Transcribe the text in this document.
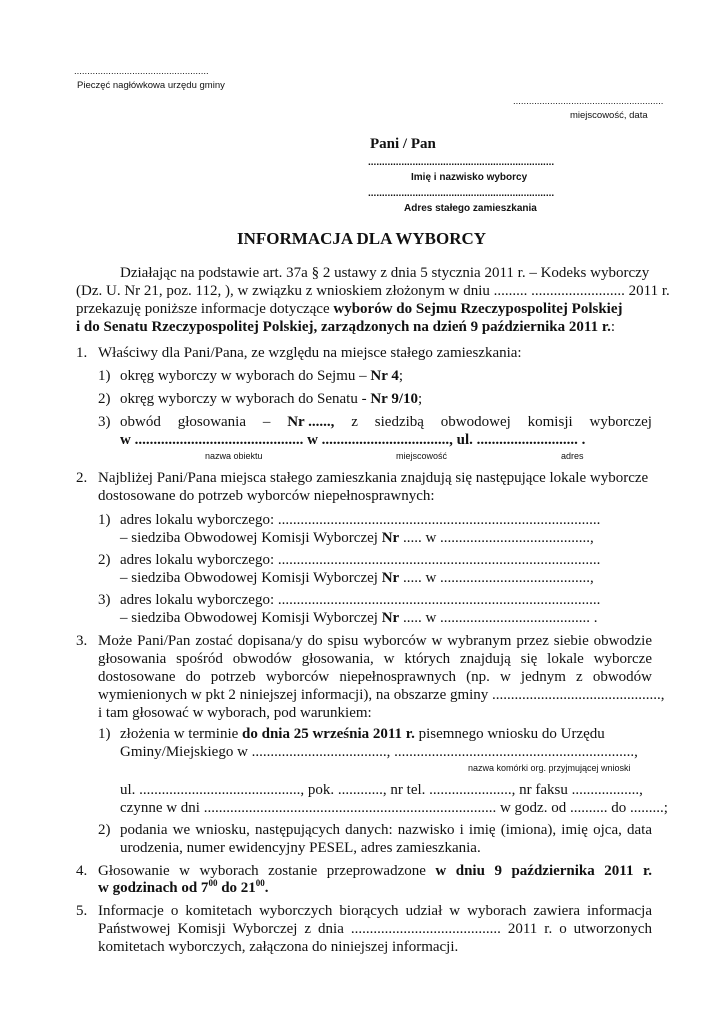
...................................................
Pieczęć nagłówkowa urzędu gminy
.........................................................
miejscowość, data
Pani / Pan
...................................................................
Imię i nazwisko wyborcy
...................................................................
Adres stałego zamieszkania
INFORMACJA DLA WYBORCY
Działając na podstawie art. 37a § 2 ustawy z dnia 5 stycznia 2011 r. – Kodeks wyborczy
(Dz. U. Nr 21, poz. 112, ), w związku z wnioskiem złożonym w dniu ......... ......................... 2011 r.
przekazuję poniższe informacje dotyczące wyborów do Sejmu Rzeczypospolitej Polskiej
i do Senatu Rzeczypospolitej Polskiej, zarządzonych na dzień 9 października 2011 r.:
1. Właściwy dla Pani/Pana, ze względu na miejsce stałego zamieszkania:
1) okręg wyborczy w wyborach do Sejmu – Nr 4;
2) okręg wyborczy w wyborach do Senatu - Nr 9/10;
3) obwód głosowania – Nr ......, z siedzibą obwodowej komisji wyborczej
w ............................................. w .................................., ul. ........................... .
nazwa obiektu	miejscowość	adres
2. Najbliżej Pani/Pana miejsca stałego zamieszkania znajdują się następujące lokale wyborcze
dostosowane do potrzeb wyborców niepełnosprawnych:
1) adres lokalu wyborczego: ......................................................................................
– siedziba Obwodowej Komisji Wyborczej Nr ..... w ........................................,
2) adres lokalu wyborczego: ......................................................................................
– siedziba Obwodowej Komisji Wyborczej Nr ..... w ........................................,
3) adres lokalu wyborczego: ......................................................................................
– siedziba Obwodowej Komisji Wyborczej Nr ..... w ........................................ .
3. Może Pani/Pan zostać dopisana/y do spisu wyborców w wybranym przez siebie obwodzie
głosowania spośród obwodów głosowania, w których znajdują się lokale wyborcze
dostosowane do potrzeb wyborców niepełnosprawnych (np. w jednym z obwodów
wymienionych w pkt 2 niniejszej informacji), na obszarze gminy .............................................,
i tam głosować w wyborach, pod warunkiem:
1) złożenia w terminie do dnia 25 września 2011 r. pisemnego wniosku do Urzędu
Gminy/Miejskiego w ...................................., ................................................................,
nazwa komórki org. przyjmującej wnioski
ul. ..........................................., pok. ............, nr tel. ......................, nr faksu ..................,
czynne w dni .............................................................................. w godz. od .......... do .........;
2) podania we wniosku, następujących danych: nazwisko i imię (imiona), imię ojca, data
urodzenia, numer ewidencyjny PESEL, adres zamieszkania.
4. Głosowanie w wyborach zostanie przeprowadzone w dniu 9 października 2011 r.
w godzinach od $7^{00}$ do $21^{00}$.
5. Informacje o komitetach wyborczych biorących udział w wyborach zawiera informacja
Państwowej Komisji Wyborczej z dnia ........................................ 2011 r. o utworzonych
komitetach wyborczych, załączona do niniejszej informacji.
